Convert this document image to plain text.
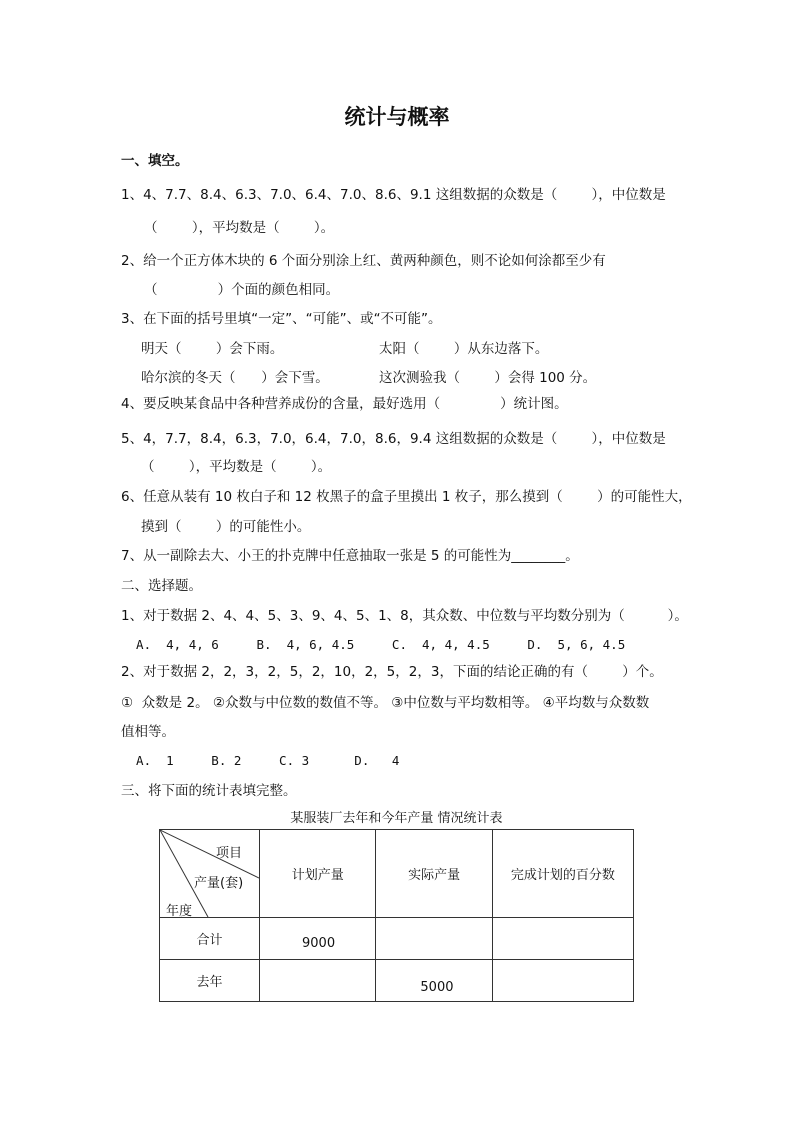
统计与概率
一、填空。
1、4、7.7、8.4、6.3、7.0、6.4、7.0、8.6、9.1 这组数据的众数是（        ），中位数是
（        ），平均数是（        ）。
2、给一个正方体木块的 6 个面分别涂上红、黄两种颜色，则不论如何涂都至少有
（              ）个面的颜色相同。
3、在下面的括号里填“一定”、“可能”、或“不可能”。
明天（        ）会下雨。	太阳（        ）从东边落下。
哈尔滨的冬天（      ）会下雪。	这次测验我（        ）会得 100 分。
4、要反映某食品中各种营养成份的含量，最好选用（              ）统计图。
5、4，7.7，8.4，6.3，7.0，6.4，7.0，8.6，9.4 这组数据的众数是（        ），中位数是
（        ），平均数是（        ）。
6、任意从装有 10 枚白子和 12 枚黑子的盒子里摸出 1 枚子，那么摸到（        ）的可能性大，
摸到（        ）的可能性小。
7、从一副除去大、小王的扑克牌中任意抽取一张是 5 的可能性为________。
二、选择题。
1、对于数据 2、4、4、5、3、9、4、5、1、8，其众数、中位数与平均数分别为（          ）。
A.  4, 4, 6     B.  4, 6, 4.5     C.  4, 4, 4.5     D.  5, 6, 4.5
2、对于数据 2，2，3，2，5，2，10，2，5，2，3，下面的结论正确的有（        ）个。
①  众数是 2。 ②众数与中位数的数值不等。 ③中位数与平均数相等。 ④平均数与众数数
值相等。
A.  1     B. 2     C. 3      D.   4
三、将下面的统计表填完整。
某服装厂去年和今年产量 情况统计表
项目
产量(套)
年度	计划产量	实际产量	完成计划的百分数
合计	9000		
去年		5000	
